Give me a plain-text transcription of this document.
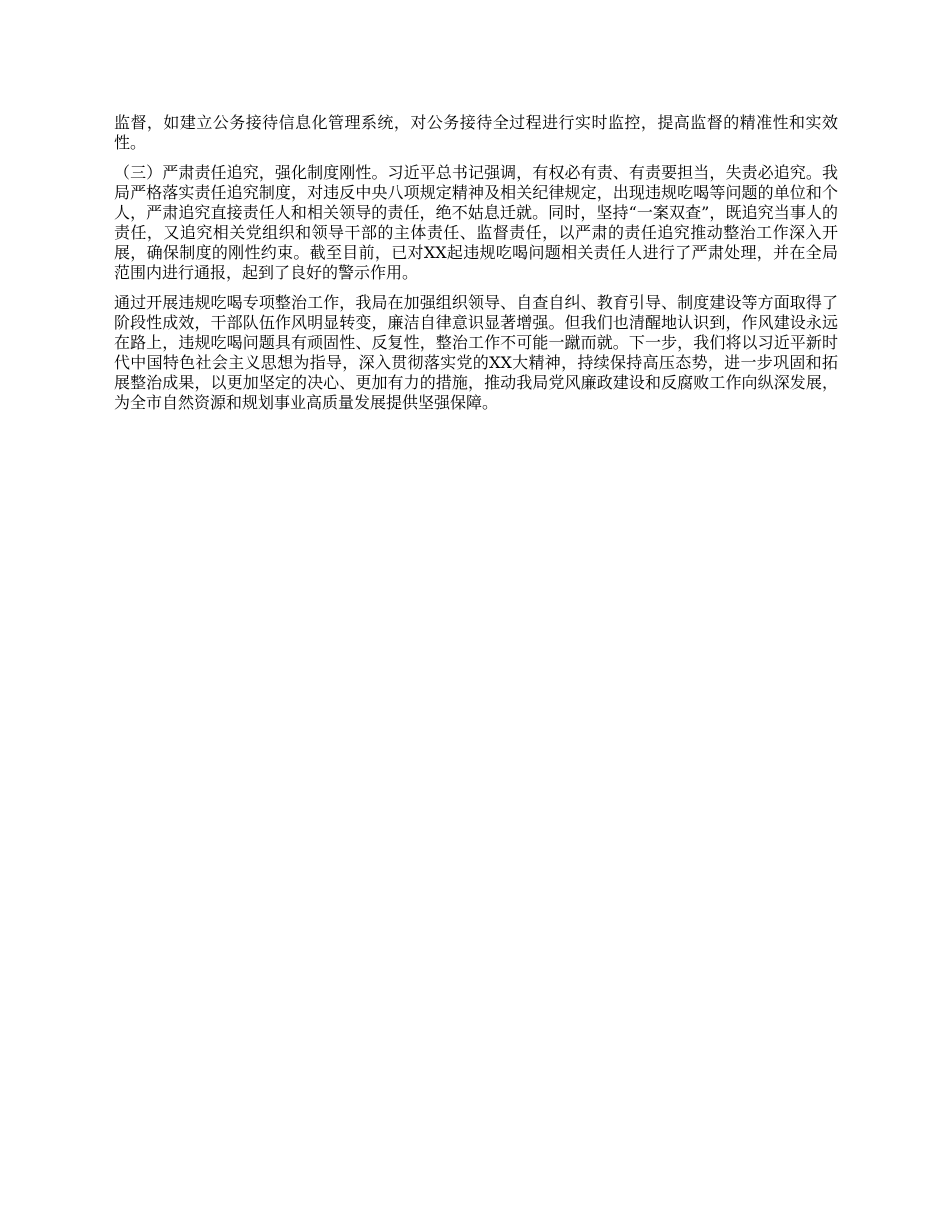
监督，如建立公务接待信息化管理系统，对公务接待全过程进行实时监控，提高监督的精准性和实效性。

（三）严肃责任追究，强化制度刚性。习近平总书记强调，有权必有责、有责要担当，失责必追究。我局严格落实责任追究制度，对违反中央八项规定精神及相关纪律规定，出现违规吃喝等问题的单位和个人，严肃追究直接责任人和相关领导的责任，绝不姑息迁就。同时，坚持“一案双查”，既追究当事人的责任，又追究相关党组织和领导干部的主体责任、监督责任，以严肃的责任追究推动整治工作深入开展，确保制度的刚性约束。截至目前，已对XX起违规吃喝问题相关责任人进行了严肃处理，并在全局范围内进行通报，起到了良好的警示作用。

通过开展违规吃喝专项整治工作，我局在加强组织领导、自查自纠、教育引导、制度建设等方面取得了阶段性成效，干部队伍作风明显转变，廉洁自律意识显著增强。但我们也清醒地认识到，作风建设永远在路上，违规吃喝问题具有顽固性、反复性，整治工作不可能一蹴而就。下一步，我们将以习近平新时代中国特色社会主义思想为指导，深入贯彻落实党的XX大精神，持续保持高压态势，进一步巩固和拓展整治成果，以更加坚定的决心、更加有力的措施，推动我局党风廉政建设和反腐败工作向纵深发展，为全市自然资源和规划事业高质量发展提供坚强保障。
